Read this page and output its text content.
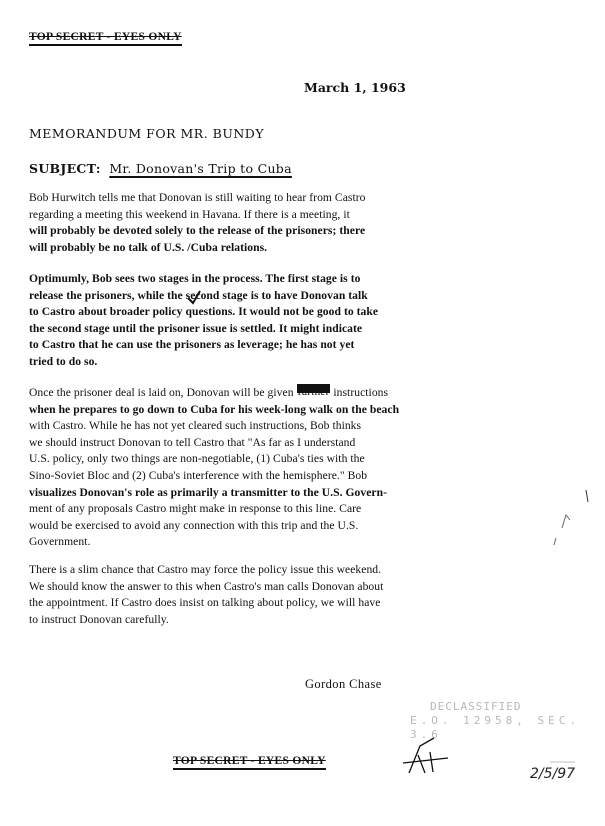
TOP SECRET - EYES ONLY
March 1, 1963
MEMORANDUM FOR MR. BUNDY
SUBJECT: Mr. Donovan's Trip to Cuba

Bob Hurwitch tells me that Donovan is still waiting to hear from Castro
regarding a meeting this weekend in Havana. If there is a meeting, it
will probably be devoted solely to the release of the prisoners; there
will probably be no talk of U.S. /Cuba relations.

Optimumly, Bob sees two stages in the process. The first stage is to
release the prisoners, while the second stage is to have Donovan talk
to Castro about broader policy questions. It would not be good to take
the second stage until the prisoner issue is settled. It might indicate
to Castro that he can use the prisoners as leverage; he has not yet
tried to do so.

Once the prisoner deal is laid on, Donovan will be given further instructions
when he prepares to go down to Cuba for his week-long walk on the beach
with Castro. While he has not yet cleared such instructions, Bob thinks
we should instruct Donovan to tell Castro that "As far as I understand
U.S. policy, only two things are non-negotiable, (1) Cuba's ties with the
Sino-Soviet Bloc and (2) Cuba's interference with the hemisphere." Bob
visualizes Donovan's role as primarily a transmitter to the U.S. Govern-
ment of any proposals Castro might make in response to this line. Care
would be exercised to avoid any connection with this trip and the U.S.
Government.

There is a slim chance that Castro may force the policy issue this weekend.
We should know the answer to this when Castro's man calls Donovan about
the appointment. If Castro does insist on talking about policy, we will have
to instruct Donovan carefully.

Gordon Chase
DECLASSIFIED
E.O. 12958, SEC. 3.6
TOP SECRET - EYES ONLY
2/5/97
